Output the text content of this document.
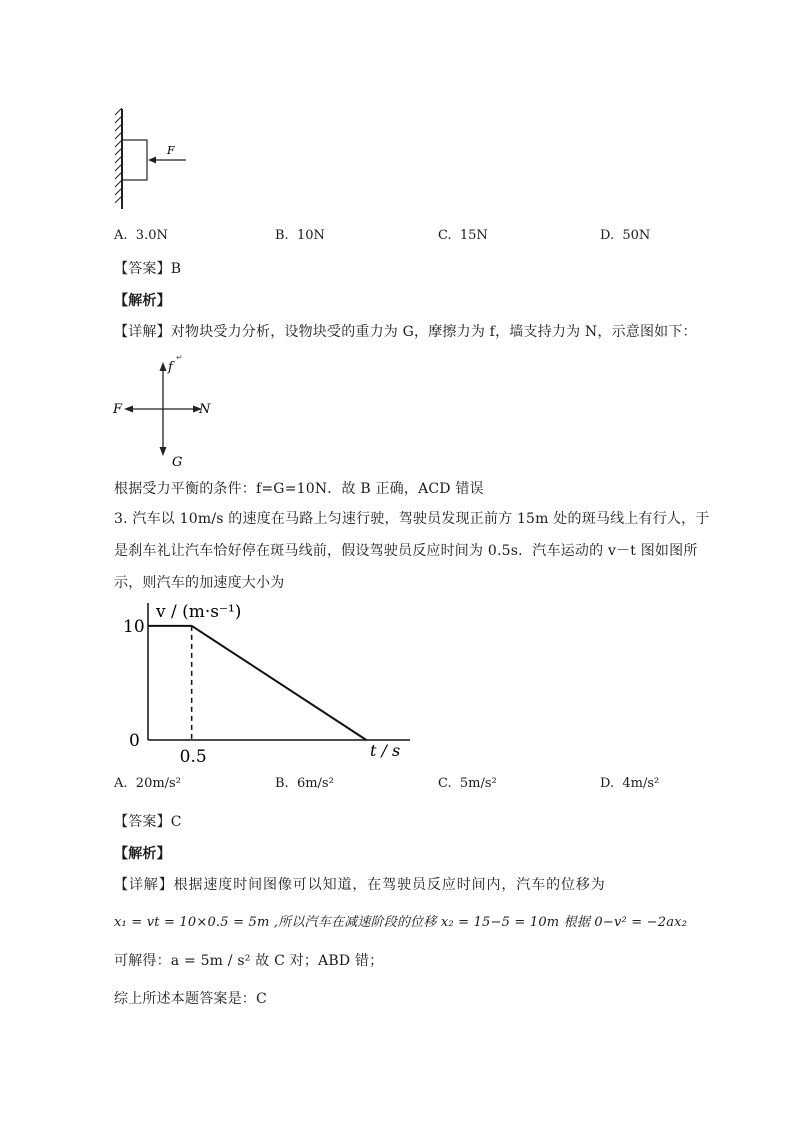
F
A. 3.0N	B. 10N	C. 15N	D. 50N
【答案】B
【解析】
【详解】对物块受力分析，设物块受的重力为 G，摩擦力为 f，墙支持力为 N，示意图如下：
f
↵
F	N
G
根据受力平衡的条件：f=G=10N．故 B 正确，ACD 错误
3. 汽车以 10m/s 的速度在马路上匀速行驶，驾驶员发现正前方 15m 处的斑马线上有行人，于
是刹车礼让汽车恰好停在斑马线前，假设驾驶员反应时间为 0.5s．汽车运动的 v－t 图如图所
示，则汽车的加速度大小为
10
0
0.5
v / (m·s⁻¹)
t / s
A. 20m/s²	B. 6m/s²	C. 5m/s²	D. 4m/s²
【答案】C
【解析】
【详解】根据速度时间图像可以知道，在驾驶员反应时间内，汽车的位移为
x₁ = vt = 10×0.5 = 5m ,所以汽车在减速阶段的位移 x₂ = 15−5 = 10m 根据 0−v² = −2ax₂
可解得：a = 5m / s² 故 C 对；ABD 错；
综上所述本题答案是：C
